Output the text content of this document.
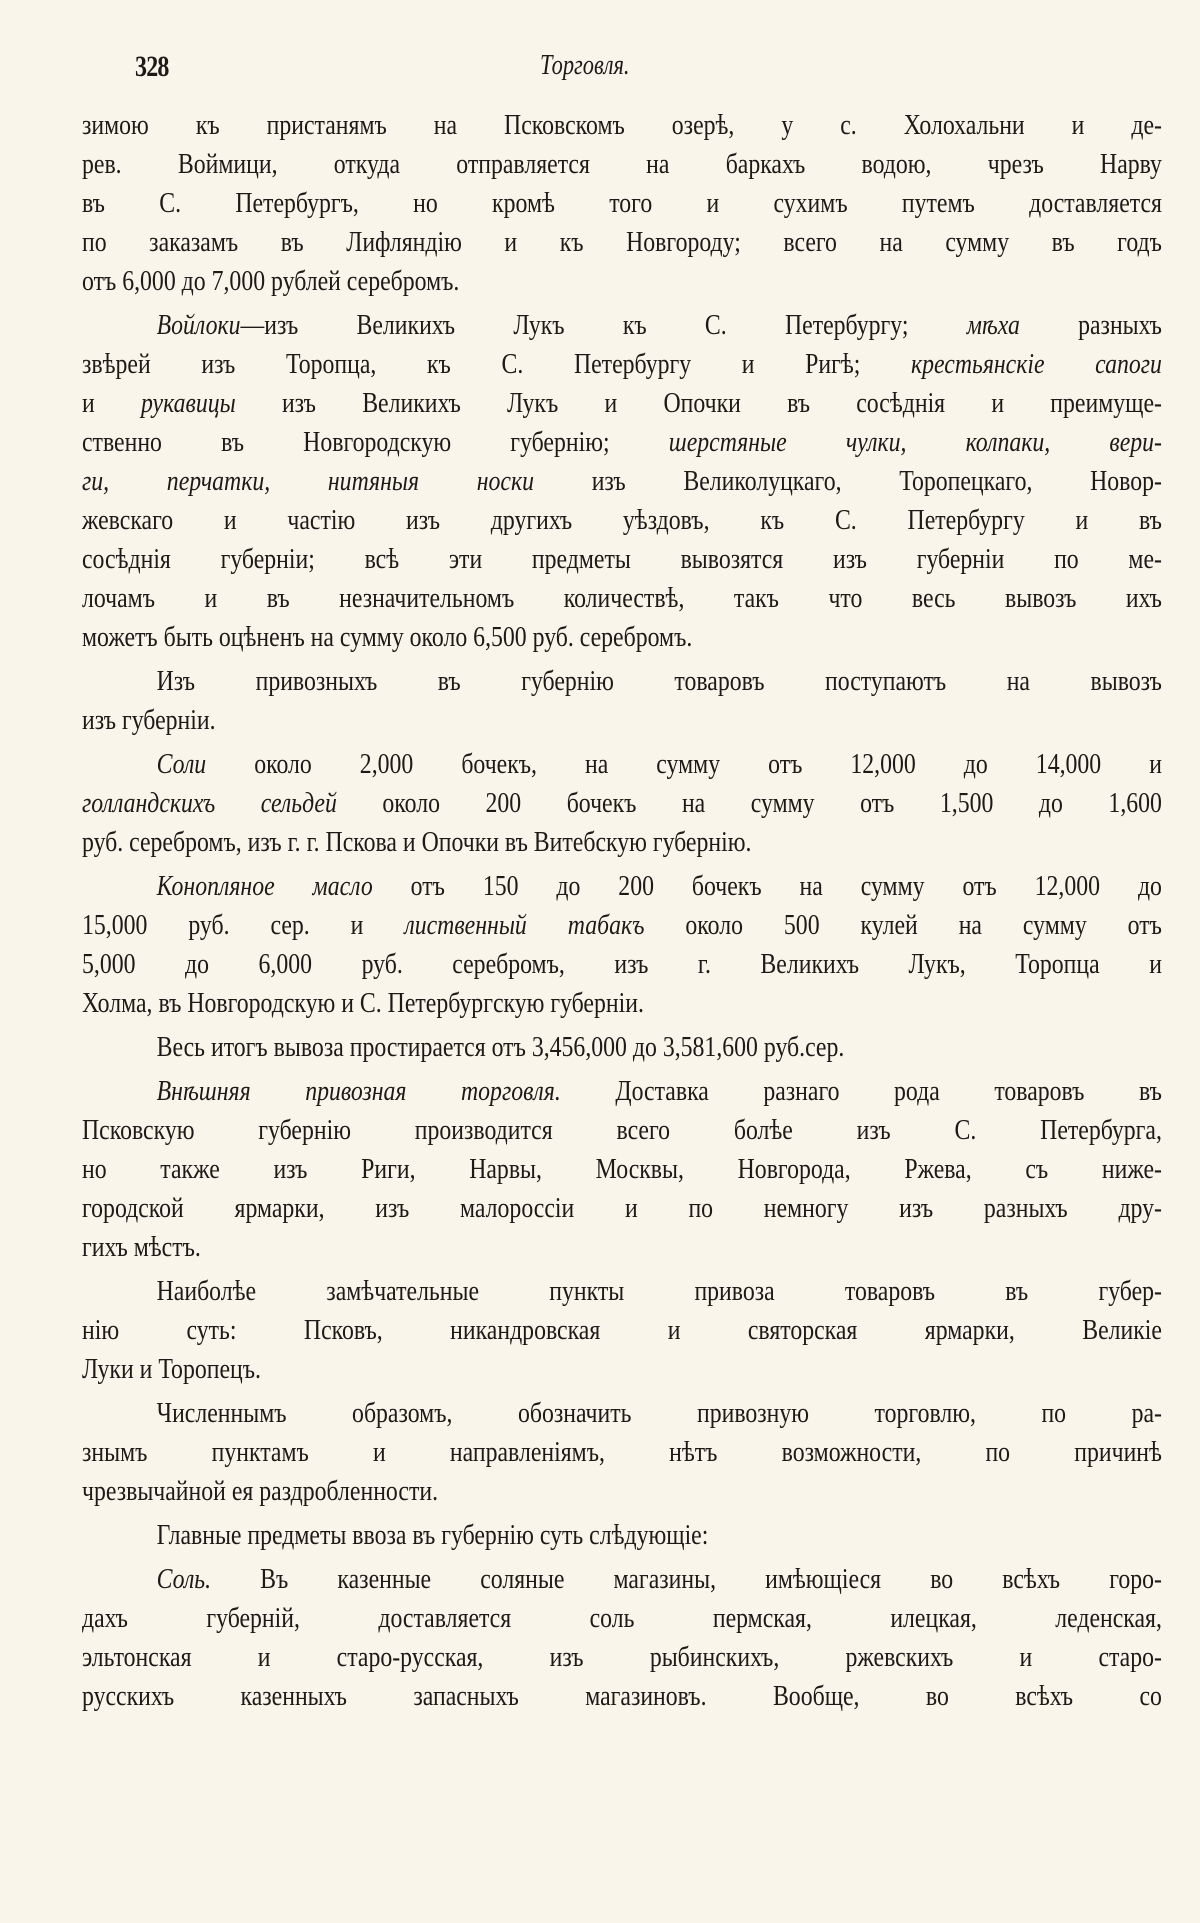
328	Торговля.
зимою къ пристанямъ на Псковскомъ озерѣ, у с. Холохальни и де-
рев. Воймици, откуда отправляется на баркахъ водою, чрезъ Нарву
въ С. Петербургъ, но кромѣ того и сухимъ путемъ доставляется
по заказамъ въ Лифляндію и къ Новгороду; всего на сумму въ годъ
отъ 6,000 до 7,000 рублей серебромъ.
Войлоки—изъ Великихъ Лукъ къ С. Петербургу; мѣха разныхъ
звѣрей изъ Торопца, къ С. Петербургу и Ригѣ; крестьянскіе сапоги
и рукавицы изъ Великихъ Лукъ и Опочки въ сосѣднія и преимуще-
ственно въ Новгородскую губернію; шерстяные чулки, колпаки, вери-
ги, перчатки, нитяныя носки изъ Великолуцкаго, Торопецкаго, Новор-
жевскаго и частію изъ другихъ уѣздовъ, къ С. Петербургу и въ
сосѣднія губерніи; всѣ эти предметы вывозятся изъ губерніи по ме-
лочамъ и въ незначительномъ количествѣ, такъ что весь вывозъ ихъ
можетъ быть оцѣненъ на сумму около 6,500 руб. серебромъ.
Изъ привозныхъ въ губернію товаровъ поступаютъ на вывозъ
изъ губерніи.
Соли около 2,000 бочекъ, на сумму отъ 12,000 до 14,000 и
голландскихъ сельдей около 200 бочекъ на сумму отъ 1,500 до 1,600
руб. серебромъ, изъ г. г. Пскова и Опочки въ Витебскую губернію.
Конопляное масло отъ 150 до 200 бочекъ на сумму отъ 12,000 до
15,000 руб. сер. и лиственный табакъ около 500 кулей на сумму отъ
5,000 до 6,000 руб. серебромъ, изъ г. Великихъ Лукъ, Торопца и
Холма, въ Новгородскую и С. Петербургскую губерніи.
Весь итогъ вывоза простирается отъ 3,456,000 до 3,581,600 руб.сер.
Внѣшняя привозная торговля. Доставка разнаго рода товаровъ въ
Псковскую губернію производится всего болѣе изъ С. Петербурга,
но также изъ Риги, Нарвы, Москвы, Новгорода, Ржева, съ ниже-
городской ярмарки, изъ малороссіи и по немногу изъ разныхъ дру-
гихъ мѣстъ.
Наиболѣе замѣчательные пункты привоза товаровъ въ губер-
нію суть: Псковъ, никандровская и святорская ярмарки, Великіе
Луки и Торопецъ.
Численнымъ образомъ, обозначить привозную торговлю, по ра-
знымъ пунктамъ и направленіямъ, нѣтъ возможности, по причинѣ
чрезвычайной ея раздробленности.
Главные предметы ввоза въ губернію суть слѣдующіе:
Соль. Въ казенные соляные магазины, имѣющіеся во всѣхъ горо-
дахъ губерній, доставляется соль пермская, илецкая, леденская,
эльтонская и старо-русская, изъ рыбинскихъ, ржевскихъ и старо-
русскихъ казенныхъ запасныхъ магазиновъ. Вообще, во всѣхъ со
